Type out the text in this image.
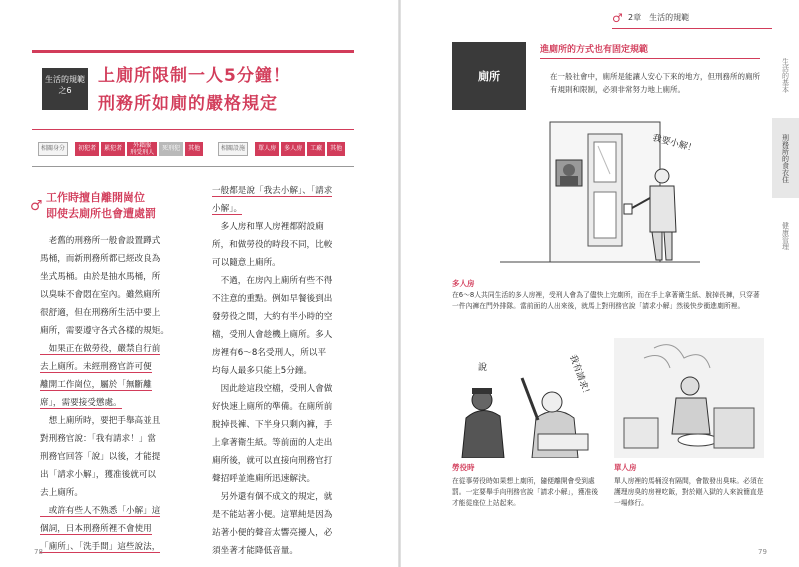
生活的規範
之6
上廁所限制一人5分鐘！
刑務所如廁的嚴格規定
相關身分 初犯者 累犯者 外籍服
刑受刑人死刑犯 其他	相關設施 單人房 多人房 工廠 其他
♂
工作時擅自離開崗位
即使去廁所也會遭處罰

　老舊的刑務所一般會設置蹲式

馬桶，而新刑務所都已經改良為

坐式馬桶。由於是抽水馬桶，所

以臭味不會悶在室內。雖然廁所

很舒適，但在刑務所生活中要上

廁所，需要遵守各式各樣的規矩。

　如果正在做勞役，嚴禁自行前

去上廁所。未經刑務官許可便

離開工作崗位，屬於「無斷離

席」，需要接受懲處。

　想上廁所時，要把手舉高並且

對刑務官說：「我有請求！」當

刑務官回答「說」以後，才能提

出「請求小解」，獲准後就可以

去上廁所。

　或許有些人不熟悉「小解」這

個詞，日本刑務所裡不會使用

「廁所」、「洗手間」這些說法，

一般都是說「我去小解」、「請求

小解」。

　多人房和單人房裡都附設廁

所，和做勞役的時段不同，比較

可以隨意上廁所。

　不過，在房內上廁所有些不得

不注意的重點。例如早餐後到出

發勞役之間，大約有半小時的空

檔，受刑人會趁機上廁所。多人

房裡有6～8名受刑人，所以平

均每人最多只能上5分鐘。

　因此趁這段空檔，受刑人會做

好快速上廁所的準備。在廁所前

脫掉長褲、下半身只剩內褲，手

上拿著衛生紙。等前面的人走出

廁所後，就可以直接向刑務官打

聲招呼並進廁所迅速解決。

　另外還有個不成文的規定，就

是不能站著小便。這單純是因為

站著小便的聲音太響亮擾人，必

須坐著才能降低音量。

78
♂ 2章　生活的規範
生活的基本
刑務所的食衣住
健康管理
廁所
進廁所的方式也有固定規範
在一般社會中，廁所是能讓人安心下來的地方，但刑務所的廁所有規則和限制，必須非常努力地上廁所。
我要小解！
多人房
在6～8人共同生活的多人房裡，受刑人會為了儘快上完廁所，而在手上拿著衛生紙、脫掉長褲，只穿著一件內褲在門外排隊。當前面的人出來後，就馬上對刑務官說「請求小解」然後快步衝進廁所裡。
說	我有請求！
勞役時
在從事勞役時如果想上廁所，隨便離開會受到處罰。一定要舉手向刑務官說「請求小解」，獲准後才能從座位上站起來。
單人房
單人房裡的馬桶沒有隔間，會散發出臭味。必須在護理房臭的房裡吃飯，對於剛入獄的人來說簡直是一場修行。
79
